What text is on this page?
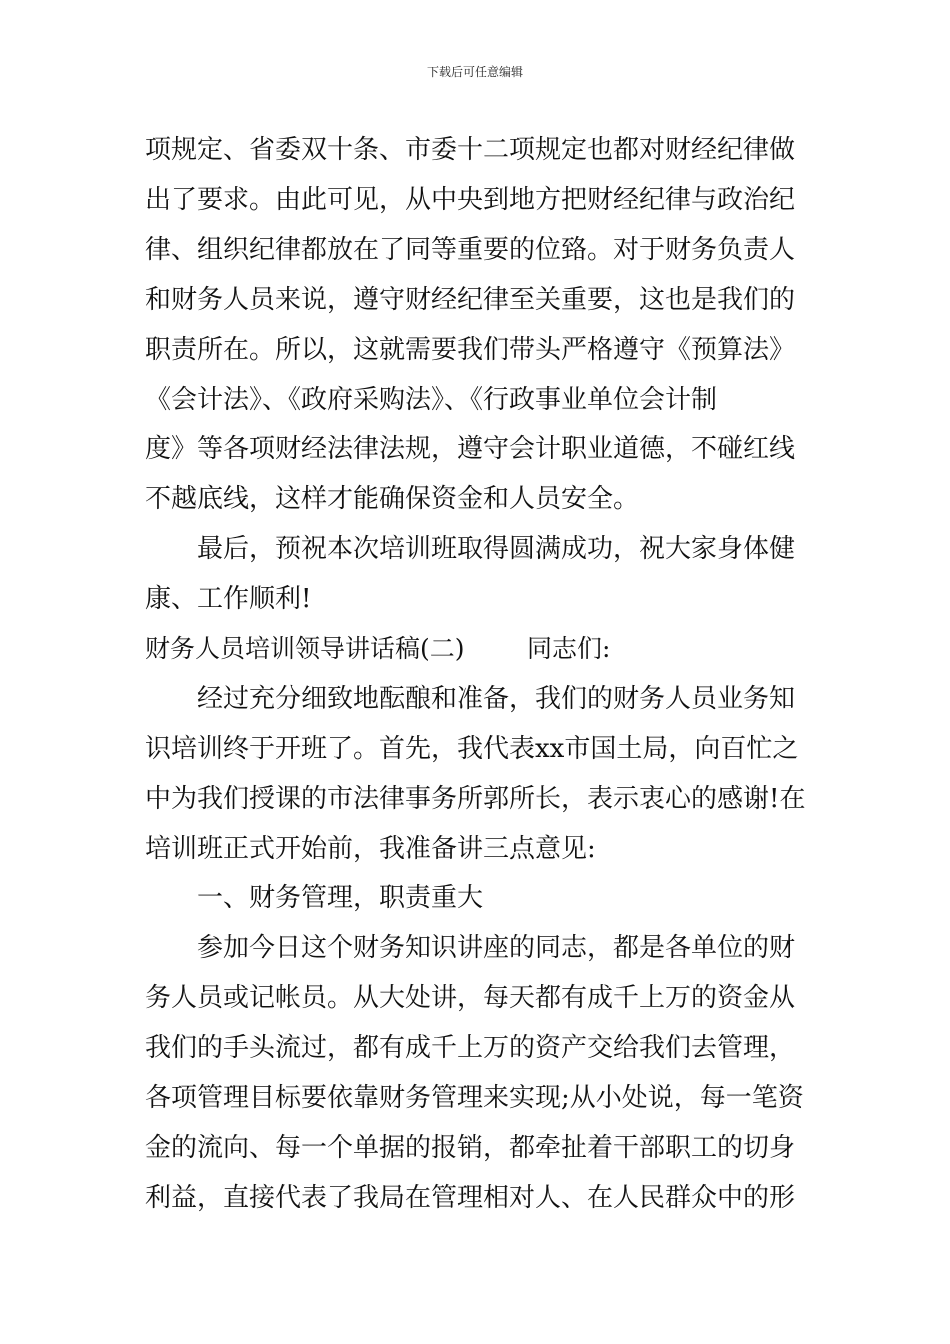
下载后可任意编辑
项规定、省委双十条、市委十二项规定也都对财经纪律做
出了要求。由此可见，从中央到地方把财经纪律与政治纪
律、组织纪律都放在了同等重要的位臵。对于财务负责人
和财务人员来说，遵守财经纪律至关重要，这也是我们的
职责所在。所以，这就需要我们带头严格遵守《预算法》
《会计法》、《政府采购法》、《行政事业单位会计制
度》等各项财经法律法规，遵守会计职业道德，不碰红线
不越底线，这样才能确保资金和人员安全。
最后，预祝本次培训班取得圆满成功，祝大家身体健
康、工作顺利!
财务人员培训领导讲话稿(二) 同志们:
经过充分细致地酝酿和准备，我们的财务人员业务知
识培训终于开班了。首先，我代表xx市国土局，向百忙之
中为我们授课的市法律事务所郭所长，表示衷心的感谢!在
培训班正式开始前，我准备讲三点意见:
一、财务管理，职责重大
参加今日这个财务知识讲座的同志，都是各单位的财
务人员或记帐员。从大处讲，每天都有成千上万的资金从
我们的手头流过，都有成千上万的资产交给我们去管理，
各项管理目标要依靠财务管理来实现;从小处说，每一笔资
金的流向、每一个单据的报销，都牵扯着干部职工的切身
利益，直接代表了我局在管理相对人、在人民群众中的形
